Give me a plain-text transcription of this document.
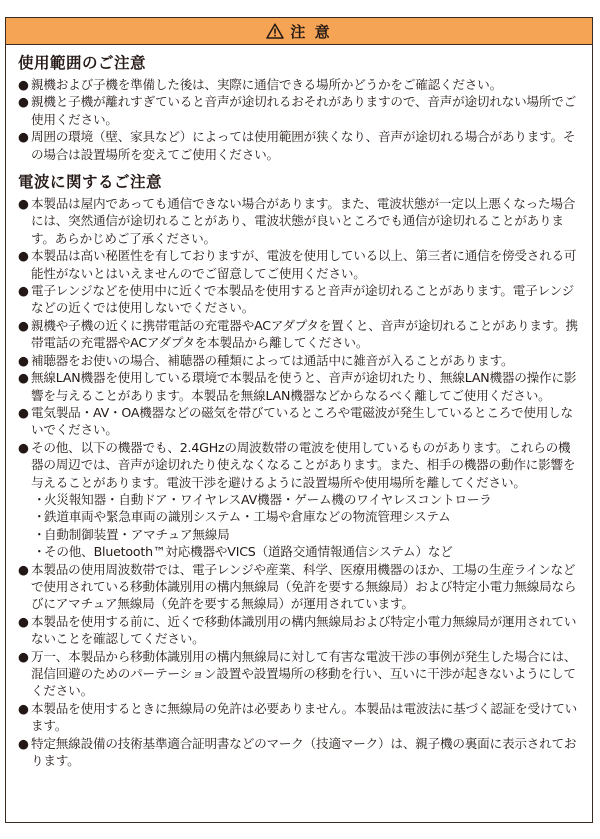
注 意
使用範囲のご注意
● 親機および子機を準備した後は、実際に通信できる場所かどうかをご確認ください。
● 親機と子機が離れすぎていると音声が途切れるおそれがありますので、音声が途切れない場所でご使用ください。
● 周囲の環境（壁、家具など）によっては使用範囲が狭くなり、音声が途切れる場合があります。その場合は設置場所を変えてご使用ください。
電波に関するご注意
● 本製品は屋内であっても通信できない場合があります。また、電波状態が一定以上悪くなった場合には、突然通信が途切れることがあり、電波状態が良いところでも通信が途切れることがあります。あらかじめご了承ください。
● 本製品は高い秘匿性を有しておりますが、電波を使用している以上、第三者に通信を傍受される可能性がないとはいえませんのでご留意してご使用ください。
● 電子レンジなどを使用中に近くで本製品を使用すると音声が途切れることがあります。電子レンジなどの近くでは使用しないでください。
● 親機や子機の近くに携帯電話の充電器やACアダプタを置くと、音声が途切れることがあります。携帯電話の充電器やACアダプタを本製品から離してください。
● 補聴器をお使いの場合、補聴器の種類によっては通話中に雑音が入ることがあります。
● 無線LAN機器を使用している環境で本製品を使うと、音声が途切れたり、無線LAN機器の操作に影響を与えることがあります。本製品を無線LAN機器などからなるべく離してご使用ください。
● 電気製品・AV・OA機器などの磁気を帯びているところや電磁波が発生しているところで使用しないでください。
● その他、以下の機器でも、2.4GHzの周波数帯の電波を使用しているものがあります。これらの機器の周辺では、音声が途切れたり使えなくなることがあります。また、相手の機器の動作に影響を与えることがあります。電波干渉を避けるように設置場所や使用場所を離してください。
・
火災報知器・自動ドア・ワイヤレスAV機器・ゲーム機のワイヤレスコントローラ
・
鉄道車両や緊急車両の識別システム・工場や倉庫などの物流管理システム
・
自動制御装置・アマチュア無線局
・
その他、Bluetooth™対応機器やVICS（道路交通情報通信システム）など
● 本製品の使用周波数帯では、電子レンジや産業、科学、医療用機器のほか、工場の生産ラインなどで使用されている移動体識別用の構内無線局（免許を要する無線局）および特定小電力無線局ならびにアマチュア無線局（免許を要する無線局）が運用されています。
● 本製品を使用する前に、近くで移動体識別用の構内無線局および特定小電力無線局が運用されていないことを確認してください。
● 万一、本製品から移動体識別用の構内無線局に対して有害な電波干渉の事例が発生した場合には、混信回避のためのパーテーション設置や設置場所の移動を行い、互いに干渉が起きないようにしてください。
● 本製品を使用するときに無線局の免許は必要ありません。本製品は電波法に基づく認証を受けています。
● 特定無線設備の技術基準適合証明書などのマーク（技適マーク）は、親子機の裏面に表示されております。
